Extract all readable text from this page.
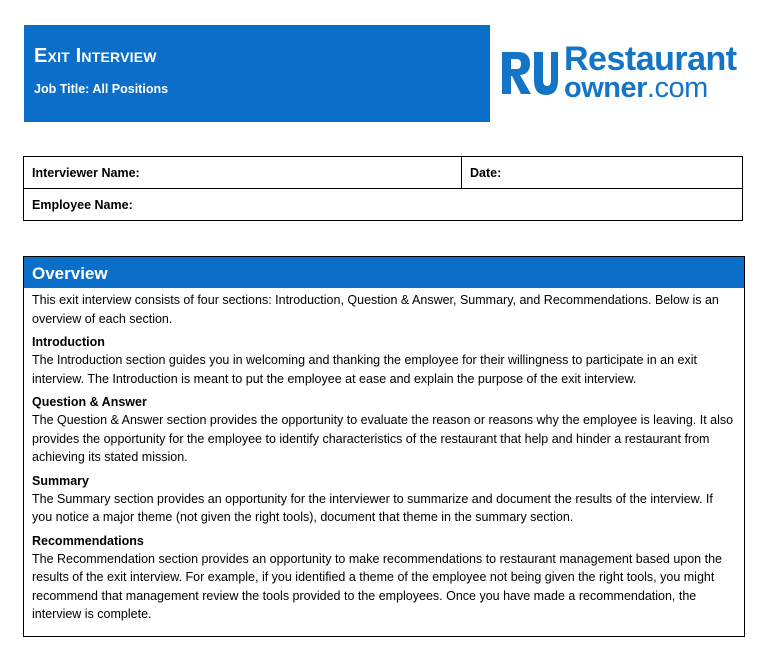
Exit Interview
Job Title: All Positions
Restaurant
owner.com
Interviewer Name:	Date:
Employee Name:
Overview

This exit interview consists of four sections: Introduction, Question & Answer, Summary, and Recommendations. Below is an overview of each section.

Introduction

The Introduction section guides you in welcoming and thanking the employee for their willingness to participate in an exit interview. The Introduction is meant to put the employee at ease and explain the purpose of the exit interview.

Question & Answer

The Question & Answer section provides the opportunity to evaluate the reason or reasons why the employee is leaving. It also provides the opportunity for the employee to identify characteristics of the restaurant that help and hinder a restaurant from achieving its stated mission.

Summary

The Summary section provides an opportunity for the interviewer to summarize and document the results of the interview. If you notice a major theme (not given the right tools), document that theme in the summary section.

Recommendations

The Recommendation section provides an opportunity to make recommendations to restaurant management based upon the results of the exit interview. For example, if you identified a theme of the employee not being given the right tools, you might recommend that management review the tools provided to the employees. Once you have made a recommendation, the interview is complete.
